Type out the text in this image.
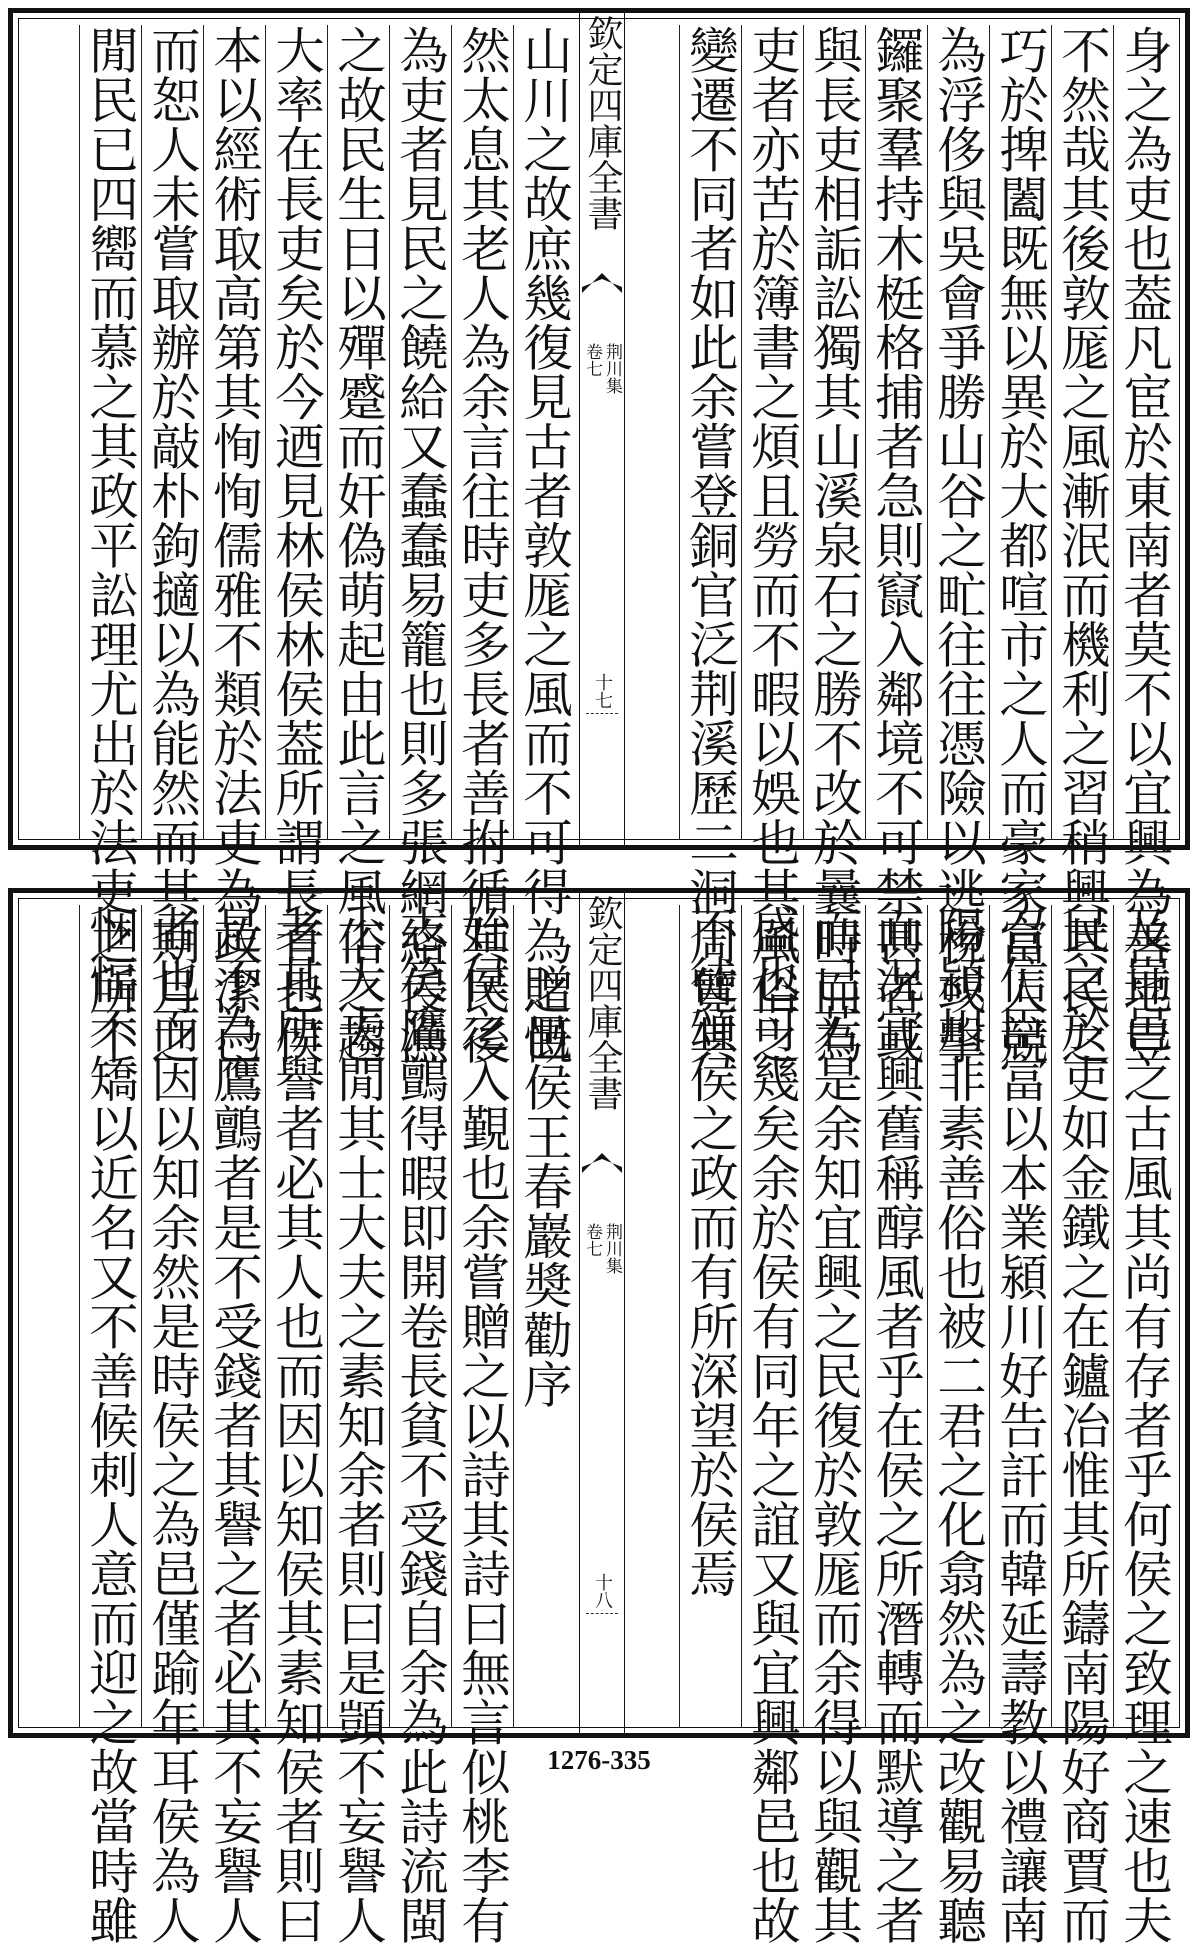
身之為吏也葢凡宦於東南者莫不以宜興為善地豈
不然哉其後敦厖之風漸泯而機利之習稍興其民之
巧於捭闔既無以異於大都喧市之人而豪家富人競
為浮侈與吳會爭勝山谷之甿往往憑險以逃稅或擊
鑼聚羣持木梃格捕者急則竄入鄰境不可禁甚者或
與長吏相詬訟獨其山溪泉石之勝不改於曩時而為
吏者亦苦於簿書之煩且勞而不暇以娛也其風俗之
變遷不同者如此余嘗登銅官泛荆溪歷二洞周覽其
欽定四庫全書
荆川集
卷七
十七
山川之故庶幾復見古者敦厖之風而不可得為之慨
然太息其老人為余言往時吏多長者善拊循其民後
為吏者見民之饒給又蠢蠢易籠也則多張網絡侵漁
之故民生日以殫蹙而奸偽萌起由此言之風俗之趨
大率在長吏矣於今迺見林侯林侯葢所謂長者也侯
本以經術取高第其恂恂儒雅不類於法吏為政潔已
而恕人未嘗取辦於敲朴鉤擿以為能然而其期月之
閒民已四嚮而慕之其政平訟理尤出於法吏之所不
及豈邑之古風其尚有存者乎何侯之致理之速也夫
民之於吏如金鐵之在鑪冶惟其所鑄南陽好商賈而
召信臣富以本業潁川好告訐而韓延壽教以禮讓南
陽潁川非素善俗也被二君之化翕然為之改觀易聽
而況宜興舊稱醇風者乎在侯之所潛轉而默導之者
而已若是余知宜興之民復於敦厖而余得以與觀其
盛也可幾矣余於侯有同年之誼又與宜興鄰邑也故
不徒頌侯之政而有所深望於侯焉
欽定四庫全書
荆川集
卷七
十八
贈邑侯王春巖奬勸序
始侯之入覲也余嘗贈之以詩其詩曰無言似桃李有
志笑鷹鸇得暇即開卷長貧不受錢自余為此詩流閩
士大夫閒其士大夫之素知余者則曰是顗不妄譽人
者其所譽者必其人也而因以知侯其素知侯者則曰
是不為鷹鸇者是不受錢者其譽之者必其不妄譽人
者也而因以知余然是時侯之為邑僅踰年耳侯為人
悃愊不矯以近名又不善候刺人意而迎之故當時雖	1276-335
